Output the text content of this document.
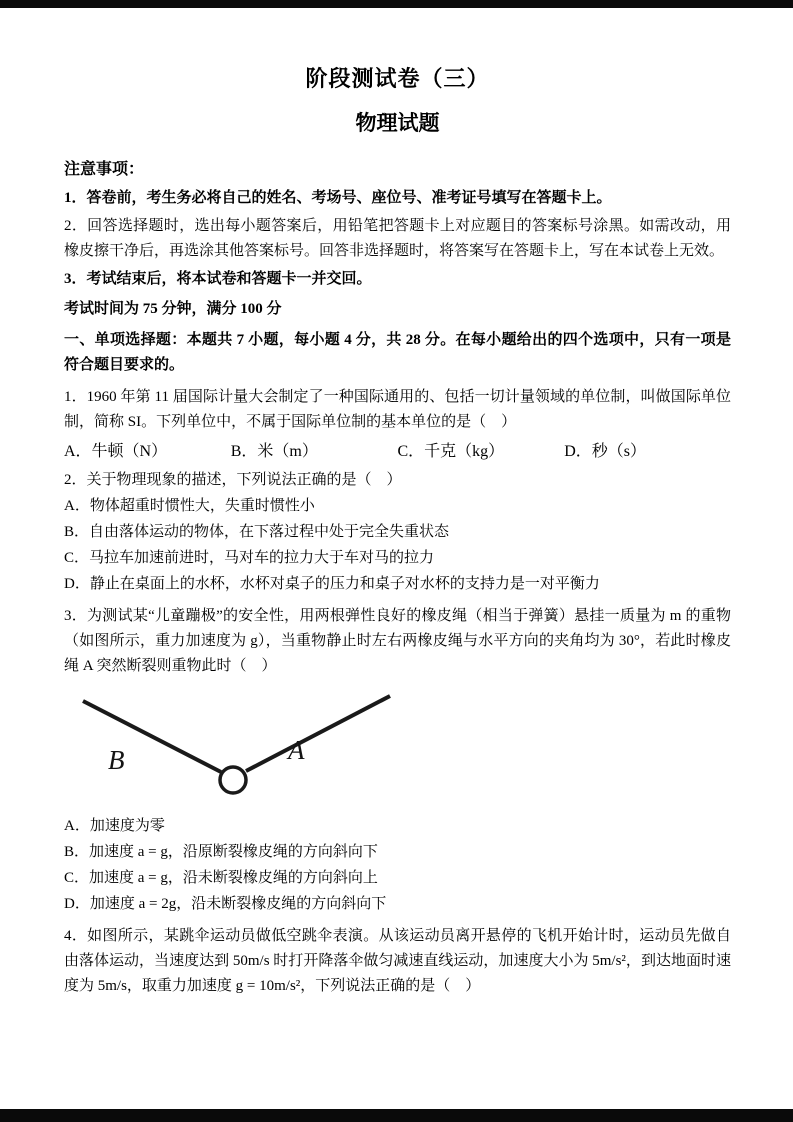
阶段测试卷（三）
物理试题

注意事项：

1．答卷前，考生务必将自己的姓名、考场号、座位号、准考证号填写在答题卡上。

2．回答选择题时，选出每小题答案后，用铅笔把答题卡上对应题目的答案标号涂黑。如需改动，用橡皮擦干净后，再选涂其他答案标号。回答非选择题时，将答案写在答题卡上，写在本试卷上无效。

3．考试结束后，将本试卷和答题卡一并交回。

考试时间为 75 分钟，满分 100 分

一、单项选择题：本题共 7 小题，每小题 4 分，共 28 分。在每小题给出的四个选项中，只有一项是符合题目要求的。

1．1960 年第 11 届国际计量大会制定了一种国际通用的、包括一切计量领域的单位制，叫做国际单位制，简称 SI。下列单位中，不属于国际单位制的基本单位的是（　）

A．牛顿（N）	B．米（m）	C．千克（kg）	D．秒（s）

2．关于物理现象的描述，下列说法正确的是（　）

A．物体超重时惯性大，失重时惯性小

B．自由落体运动的物体，在下落过程中处于完全失重状态

C．马拉车加速前进时，马对车的拉力大于车对马的拉力

D．静止在桌面上的水杯，水杯对桌子的压力和桌子对水杯的支持力是一对平衡力

3．为测试某“儿童蹦极”的安全性，用两根弹性良好的橡皮绳（相当于弹簧）悬挂一质量为 m 的重物（如图所示，重力加速度为 g），当重物静止时左右两橡皮绳与水平方向的夹角均为 30°，若此时橡皮绳 A 突然断裂则重物此时（　）

B	A

A．加速度为零

B．加速度 a = g，沿原断裂橡皮绳的方向斜向下

C．加速度 a = g，沿未断裂橡皮绳的方向斜向上

D．加速度 a = 2g，沿未断裂橡皮绳的方向斜向下

4．如图所示，某跳伞运动员做低空跳伞表演。从该运动员离开悬停的飞机开始计时，运动员先做自由落体运动，当速度达到 50m/s 时打开降落伞做匀减速直线运动，加速度大小为 5m/s²，到达地面时速度为 5m/s，取重力加速度 g = 10m/s²，下列说法正确的是（　）
